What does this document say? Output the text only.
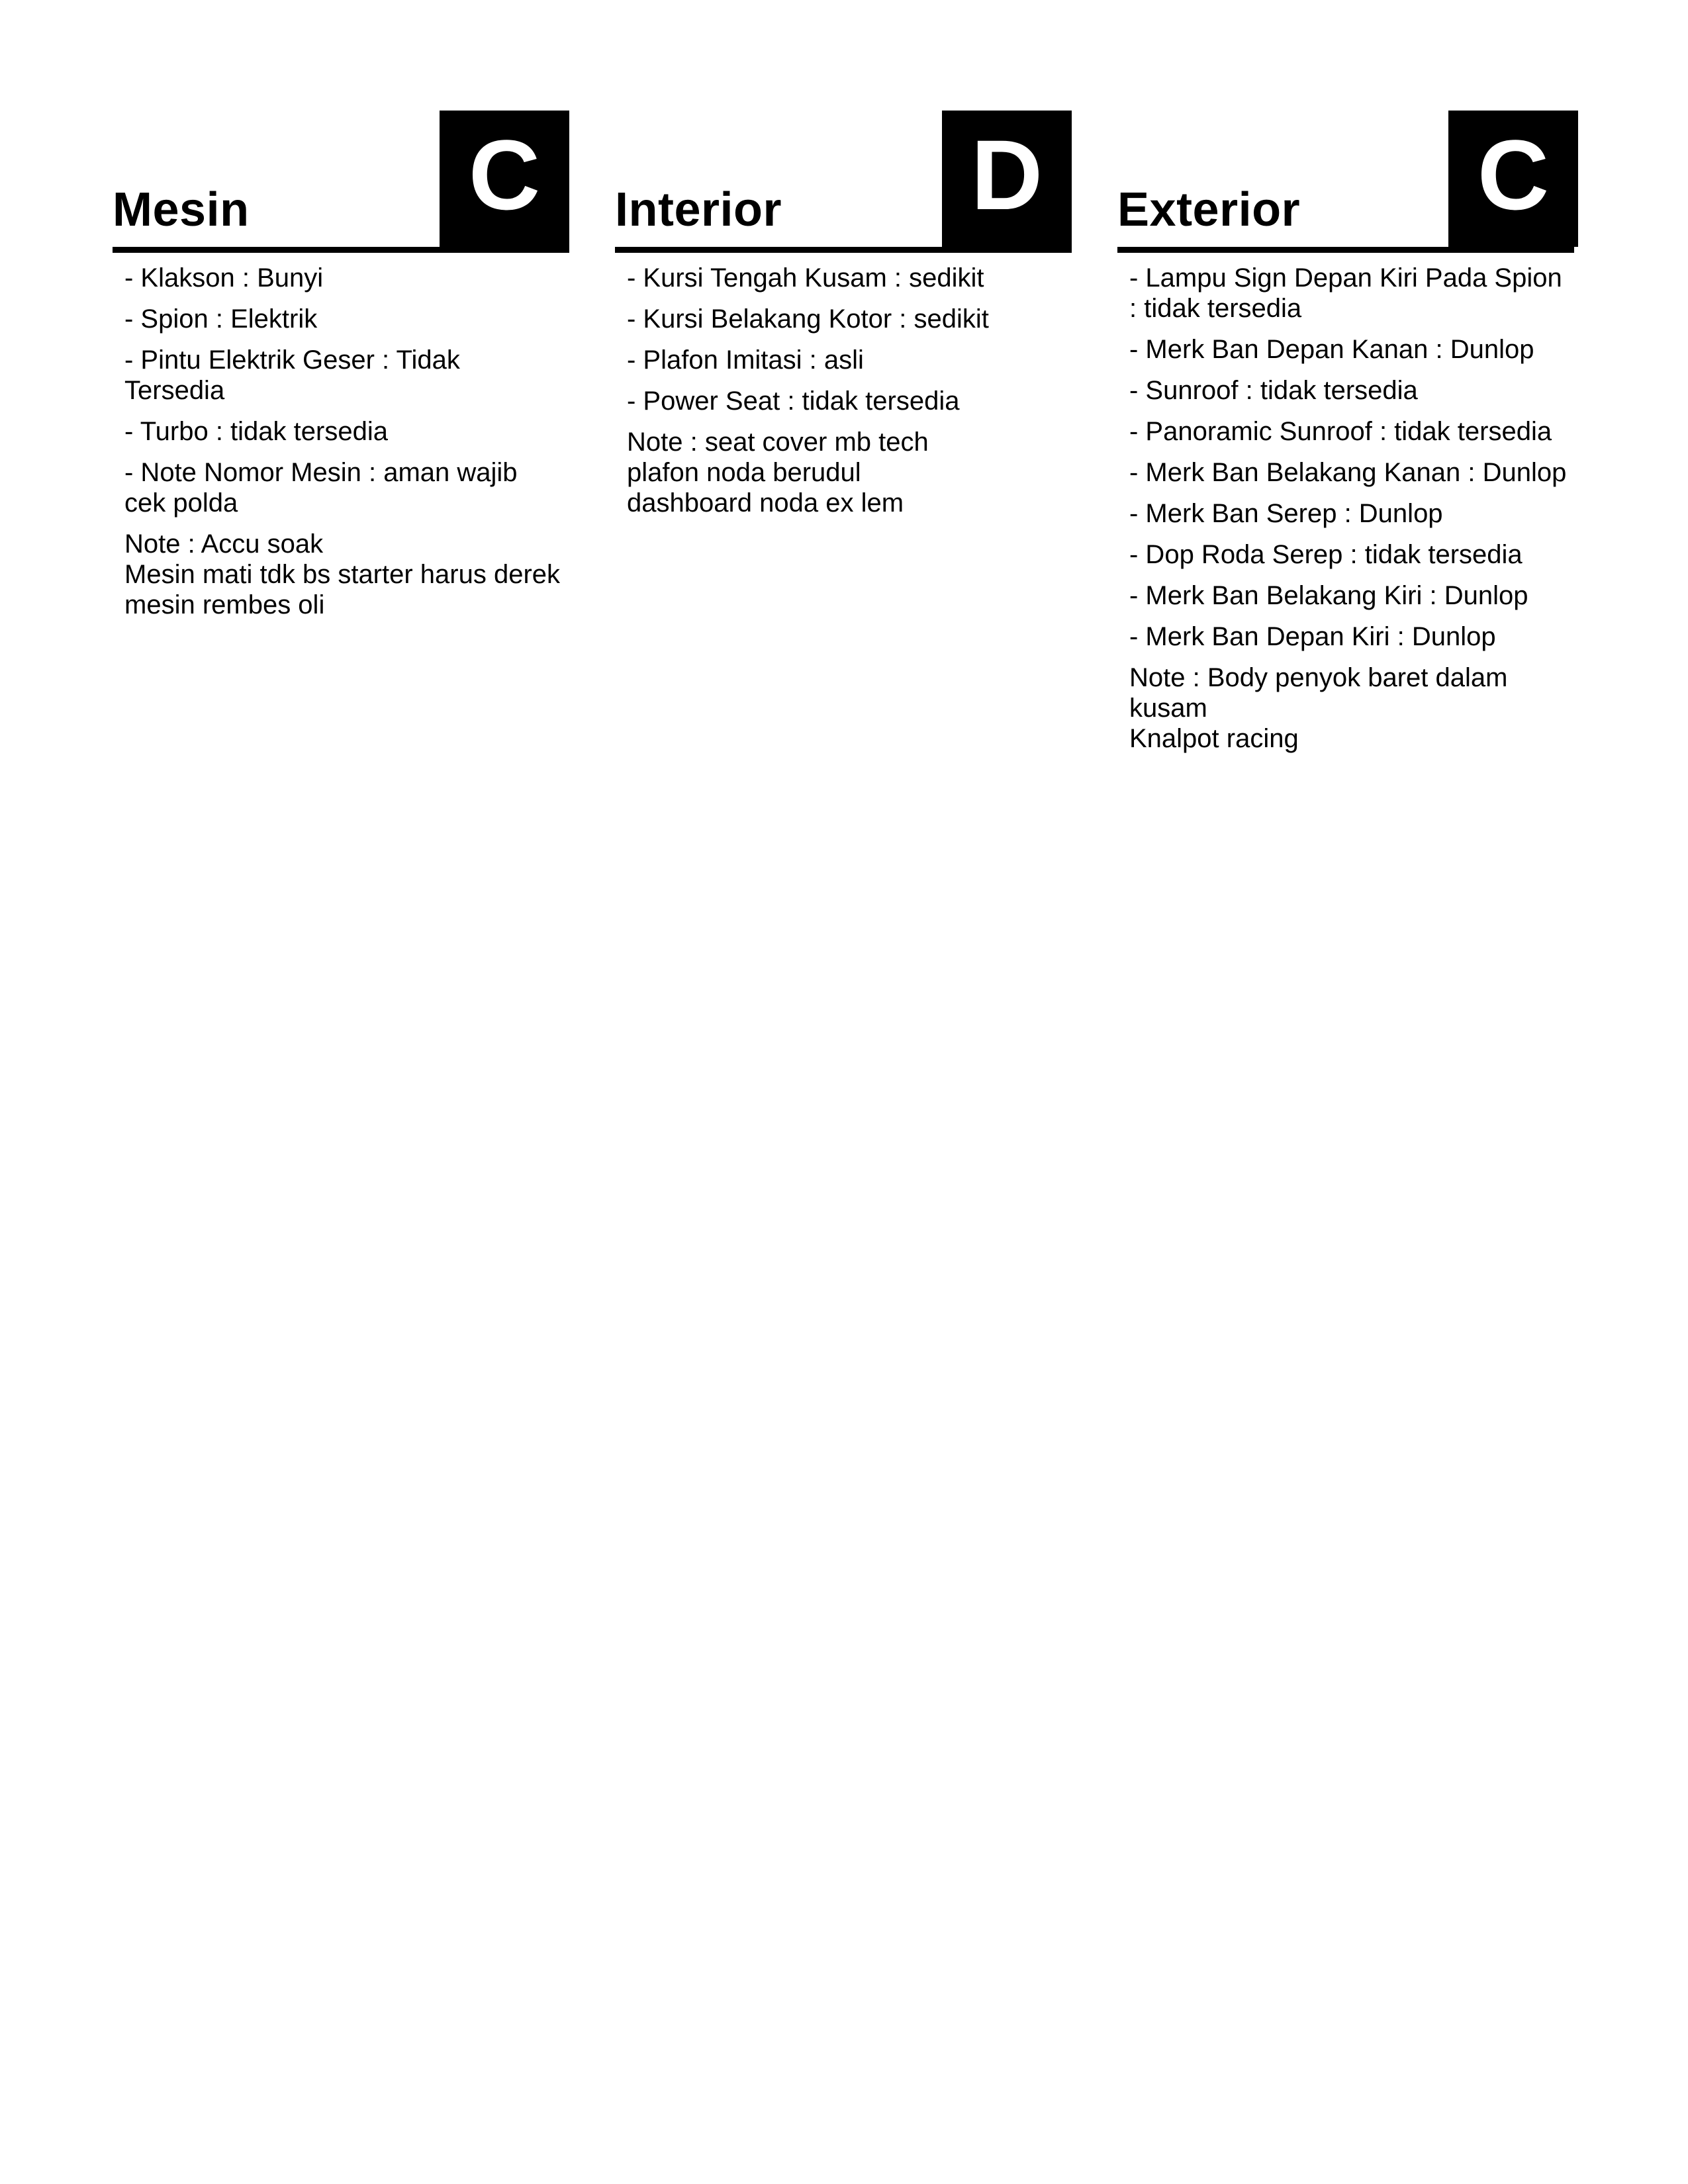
Mesin C
- Klakson : Bunyi
- Spion : Elektrik
- Pintu Elektrik Geser : Tidak Tersedia
- Turbo : tidak tersedia
- Note Nomor Mesin : aman wajib cek polda
Note : Accu soak
Mesin mati tdk bs starter harus derek
mesin rembes oli
Interior D
- Kursi Tengah Kusam : sedikit
- Kursi Belakang Kotor : sedikit
- Plafon Imitasi : asli
- Power Seat : tidak tersedia
Note : seat cover mb tech
plafon noda berudul
dashboard noda ex lem
Exterior C
- Lampu Sign Depan Kiri Pada Spion : tidak tersedia
- Merk Ban Depan Kanan : Dunlop
- Sunroof : tidak tersedia
- Panoramic Sunroof : tidak tersedia
- Merk Ban Belakang Kanan : Dunlop
- Merk Ban Serep : Dunlop
- Dop Roda Serep : tidak tersedia
- Merk Ban Belakang Kiri : Dunlop
- Merk Ban Depan Kiri : Dunlop
Note : Body penyok baret dalam kusam
Knalpot racing
